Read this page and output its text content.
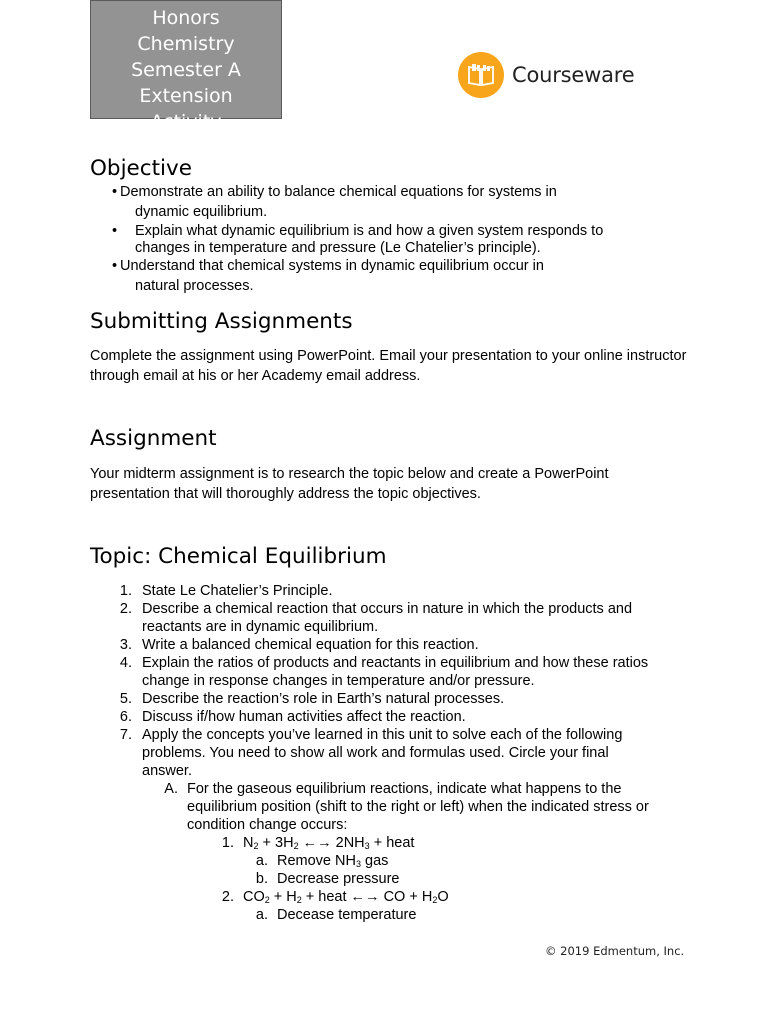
Honors
Chemistry
Semester A
Extension
Activity
Courseware
Objective
• Demonstrate an ability to balance chemical equations for systems in
dynamic equilibrium.
• Explain what dynamic equilibrium is and how a given system responds to
changes in temperature and pressure (Le Chatelier’s principle).
• Understand that chemical systems in dynamic equilibrium occur in
natural processes.
Submitting Assignments

Complete the assignment using PowerPoint. Email your presentation to your online instructor through email at his or her Academy email address.

Assignment

Your midterm assignment is to research the topic below and create a PowerPoint presentation that will thoroughly address the topic objectives.

Topic: Chemical Equilibrium
1. State Le Chatelier’s Principle.
2. Describe a chemical reaction that occurs in nature in which the products and
reactants are in dynamic equilibrium.
3. Write a balanced chemical equation for this reaction.
4. Explain the ratios of products and reactants in equilibrium and how these ratios
change in response changes in temperature and/or pressure.
5. Describe the reaction’s role in Earth’s natural processes.
6. Discuss if/how human activities affect the reaction.
7. Apply the concepts you’ve learned in this unit to solve each of the following
problems. You need to show all work and formulas used. Circle your final
answer.
A. For the gaseous equilibrium reactions, indicate what happens to the
equilibrium position (shift to the right or left) when the indicated stress or
condition change occurs:
1. $N_2 + 3H_2$ ←→ $2NH_3$ + heat
a. Remove $NH_3$ gas
b. Decrease pressure
2. $CO_2 + H_2$ + heat ←→ CO + $H_2O$
a. Decease temperature
© 2019 Edmentum, Inc.
